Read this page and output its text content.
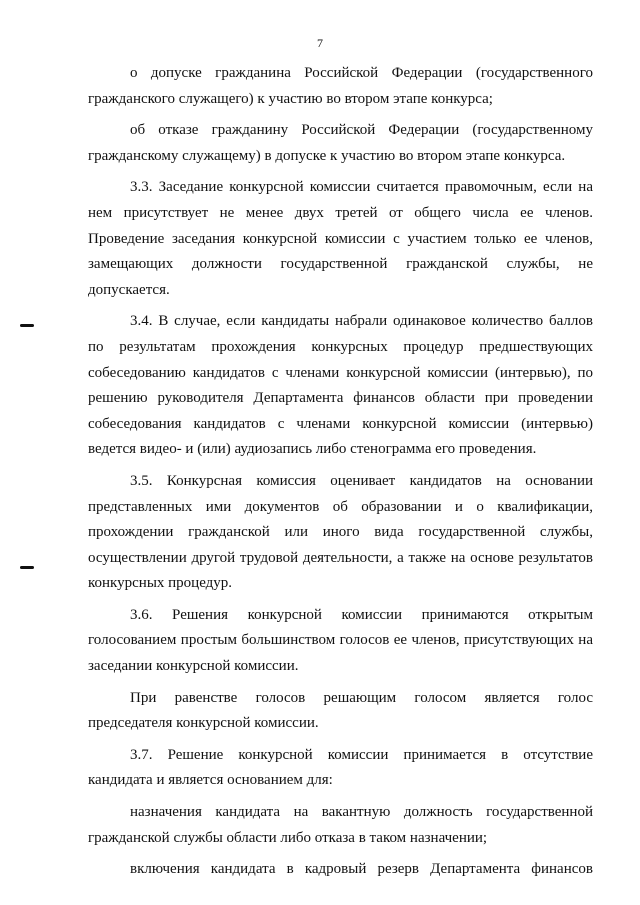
7

о допуске гражданина Российской Федерации (государственного гражданского служащего) к участию во втором этапе конкурса;

об отказе гражданину Российской Федерации (государственному гражданскому служащему) в допуске к участию во втором этапе конкурса.

3.3. Заседание конкурсной комиссии считается правомочным, если на нем присутствует не менее двух третей от общего числа ее членов. Проведение заседания конкурсной комиссии с участием только ее членов, замещающих должности государственной гражданской службы, не допускается.

3.4. В случае, если кандидаты набрали одинаковое количество баллов по результатам прохождения конкурсных процедур предшествующих собеседованию кандидатов с членами конкурсной комиссии (интервью), по решению руководителя Департамента финансов области при проведении собеседования кандидатов с членами конкурсной комиссии (интервью) ведется видео- и (или) аудиозапись либо стенограмма его проведения.

3.5. Конкурсная комиссия оценивает кандидатов на основании представленных ими документов об образовании и о квалификации, прохождении гражданской или иного вида государственной службы, осуществлении другой трудовой деятельности, а также на основе результатов конкурсных процедур.

3.6. Решения конкурсной комиссии принимаются открытым голосованием простым большинством голосов ее членов, присутствующих на заседании конкурсной комиссии.

При равенстве голосов решающим голосом является голос председателя конкурсной комиссии.

3.7. Решение конкурсной комиссии принимается в отсутствие кандидата и является основанием для:

назначения кандидата на вакантную должность государственной гражданской службы области либо отказа в таком назначении;

включения кандидата в кадровый резерв Департамента финансов
